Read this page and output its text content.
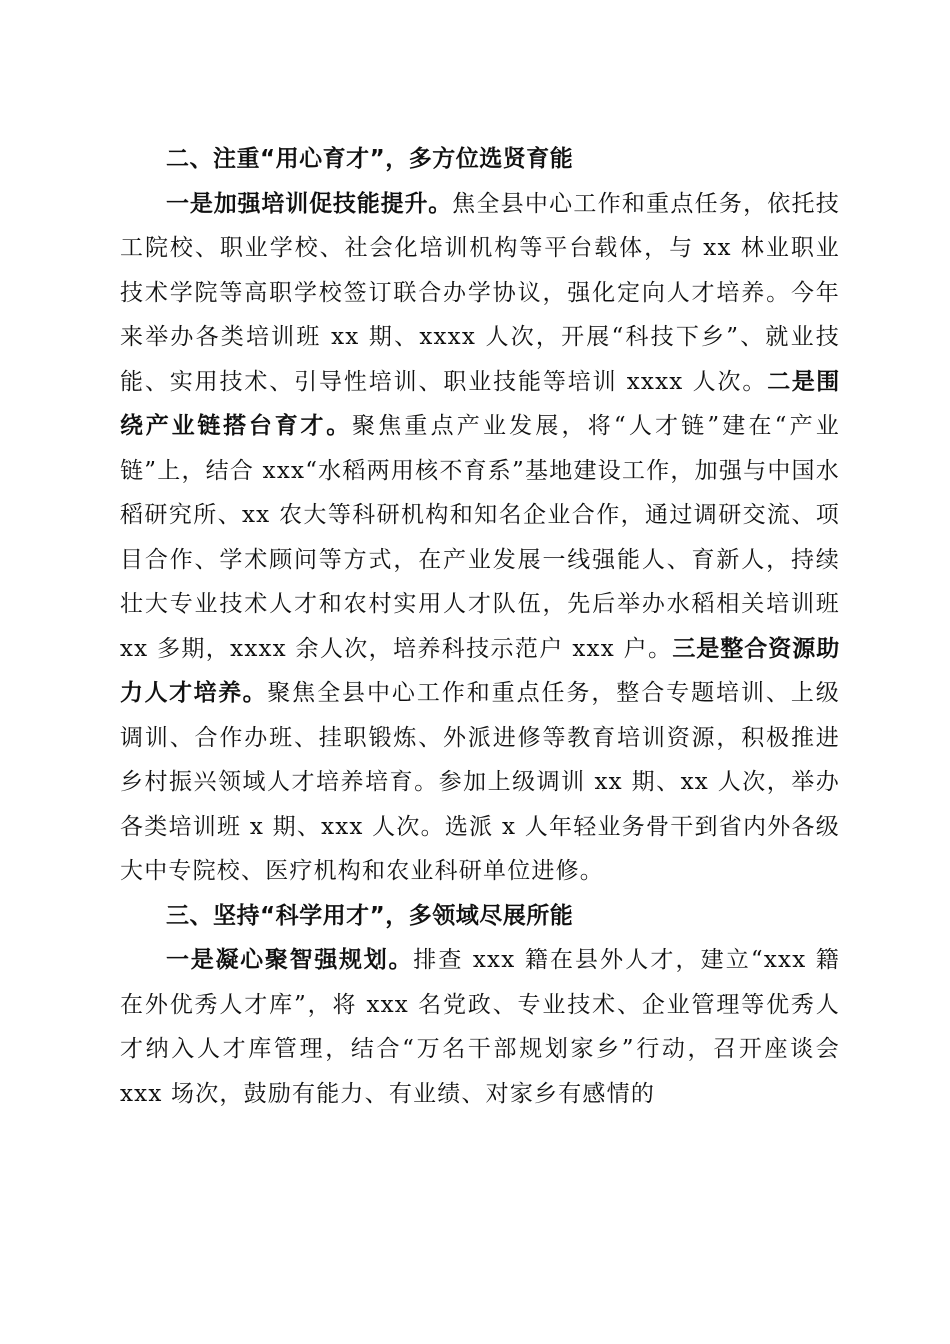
二、注重“用心育才”，多方位选贤育能

一是加强培训促技能提升。焦全县中心工作和重点任务，依托技工院校、职业学校、社会化培训机构等平台载体，与 xx 林业职业技术学院等高职学校签订联合办学协议，强化定向人才培养。今年来举办各类培训班 xx 期、xxxx 人次，开展“科技下乡”、就业技能、实用技术、引导性培训、职业技能等培训 xxxx 人次。二是围绕产业链搭台育才。聚焦重点产业发展，将“人才链”建在“产业链”上，结合 xxx“水稻两用核不育系”基地建设工作，加强与中国水稻研究所、xx 农大等科研机构和知名企业合作，通过调研交流、项目合作、学术顾问等方式，在产业发展一线强能人、育新人，持续壮大专业技术人才和农村实用人才队伍，先后举办水稻相关培训班 xx 多期，xxxx 余人次，培养科技示范户 xxx 户。三是整合资源助力人才培养。聚焦全县中心工作和重点任务，整合专题培训、上级调训、合作办班、挂职锻炼、外派进修等教育培训资源，积极推进乡村振兴领域人才培养培育。参加上级调训 xx 期、xx 人次，举办各类培训班 x 期、xxx 人次。选派 x 人年轻业务骨干到省内外各级大中专院校、医疗机构和农业科研单位进修。

三、坚持“科学用才”，多领域尽展所能

一是凝心聚智强规划。排查 xxx 籍在县外人才，建立“xxx 籍在外优秀人才库”，将 xxx 名党政、专业技术、企业管理等优秀人才纳入人才库管理，结合“万名干部规划家乡”行动，召开座谈会 xxx 场次，鼓励有能力、有业绩、对家乡有感情的
